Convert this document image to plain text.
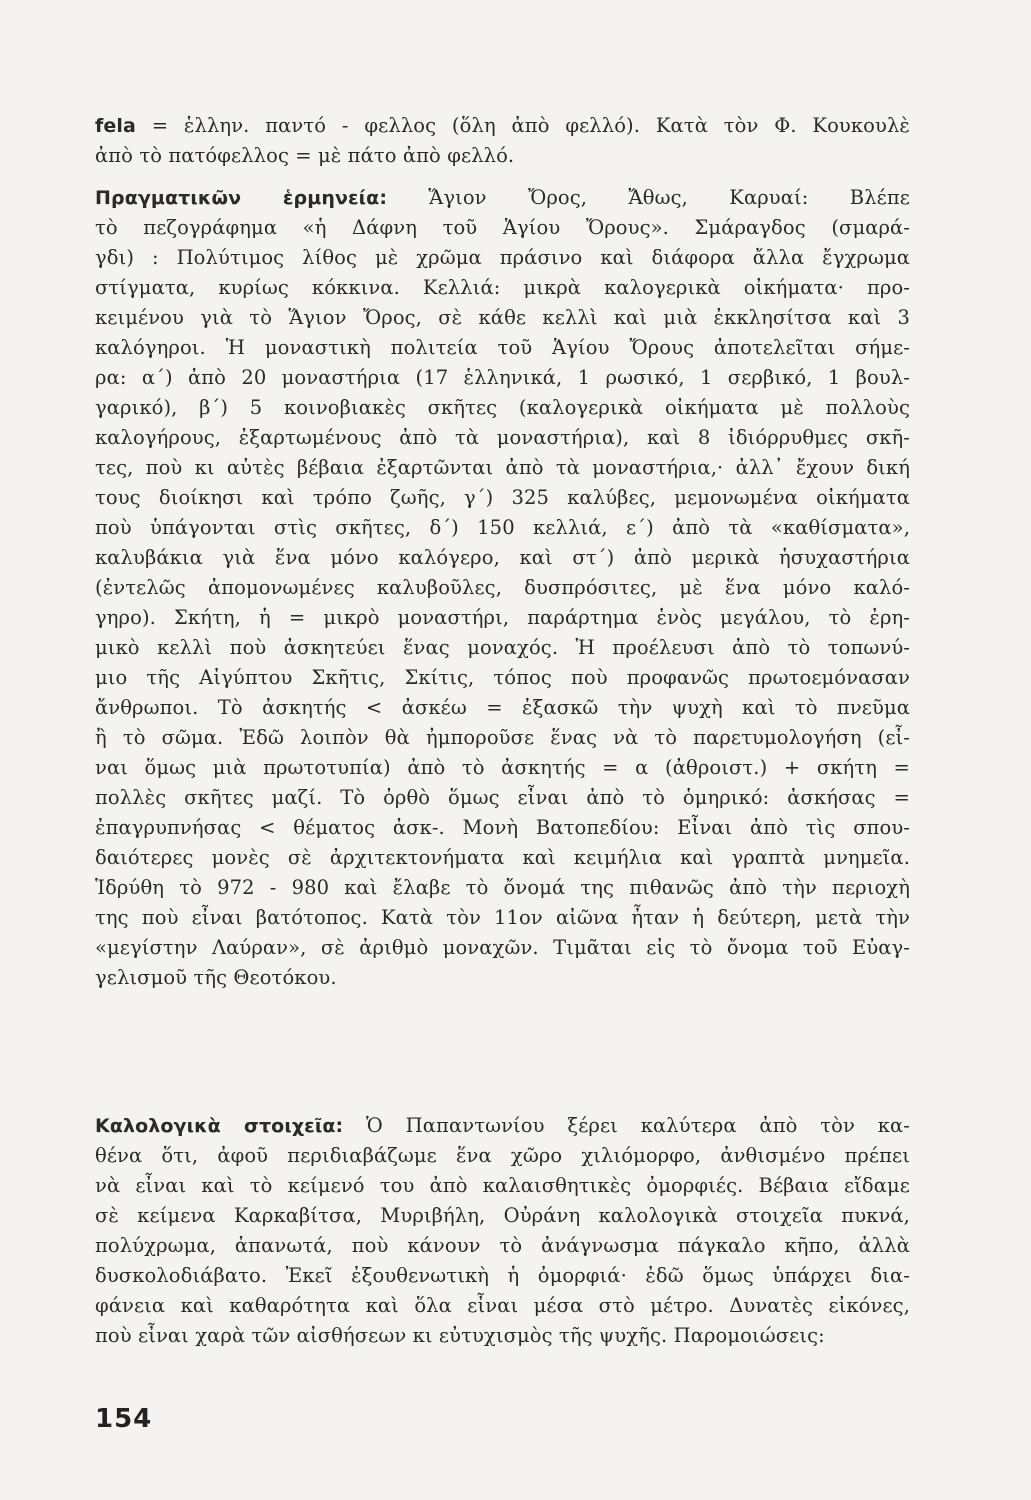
fela = ἑλλην. παντό - φελλος (ὅλη ἀπὸ φελλό). Κατὰ τὸν Φ. Κουκουλὲ
ἀπὸ τὸ πατόφελλος = μὲ πάτο ἀπὸ φελλό.
Πραγματικῶν ἑρμηνεία: Ἅγιον Ὄρος, Ἄθως, Καρυαί: Βλέπε
τὸ πεζογράφημα «ἡ Δάφνη τοῦ Ἁγίου Ὄρους». Σμάραγδος (σμαρά-
γδι) : Πολύτιμος λίθος μὲ χρῶμα πράσινο καὶ διάφορα ἄλλα ἔγχρωμα
στίγματα, κυρίως κόκκινα. Κελλιά: μικρὰ καλογερικὰ οἰκήματα· προ-
κειμένου γιὰ τὸ Ἅγιον Ὄρος, σὲ κάθε κελλὶ καὶ μιὰ ἐκκλησίτσα καὶ 3
καλόγηροι. Ἡ μοναστικὴ πολιτεία τοῦ Ἁγίου Ὄρους ἀποτελεῖται σήμε-
ρα: α΄) ἀπὸ 20 μοναστήρια (17 ἑλληνικά, 1 ρωσικό, 1 σερβικό, 1 βουλ-
γαρικό), β΄) 5 κοινοβιακὲς σκῆτες (καλογερικὰ οἰκήματα μὲ πολλοὺς
καλογήρους, ἐξαρτωμένους ἀπὸ τὰ μοναστήρια), καὶ 8 ἰδιόρρυθμες σκῆ-
τες, ποὺ κι αὐτὲς βέβαια ἐξαρτῶνται ἀπὸ τὰ μοναστήρια,· ἀλλ᾽ ἔχουν δική
τους διοίκησι καὶ τρόπο ζωῆς, γ΄) 325 καλύβες, μεμονωμένα οἰκήματα
ποὺ ὑπάγονται στὶς σκῆτες, δ΄) 150 κελλιά, ε΄) ἀπὸ τὰ «καθίσματα»,
καλυβάκια γιὰ ἕνα μόνο καλόγερο, καὶ στ΄) ἀπὸ μερικὰ ἡσυχαστήρια
(ἐντελῶς ἀπομονωμένες καλυβοῦλες, δυσπρόσιτες, μὲ ἕνα μόνο καλό-
γηρο). Σκήτη, ἡ = μικρὸ μοναστήρι, παράρτημα ἑνὸς μεγάλου, τὸ ἐρη-
μικὸ κελλὶ ποὺ ἀσκητεύει ἕνας μοναχός. Ἡ προέλευσι ἀπὸ τὸ τοπωνύ-
μιο τῆς Αἰγύπτου Σκῆτις, Σκίτις, τόπος ποὺ προφανῶς πρωτοεμόνασαν
ἄνθρωποι. Τὸ ἀσκητής < ἀσκέω = ἐξασκῶ τὴν ψυχὴ καὶ τὸ πνεῦμα
ἢ τὸ σῶμα. Ἐδῶ λοιπὸν θὰ ἠμποροῦσε ἕνας νὰ τὸ παρετυμολογήση (εἶ-
ναι ὅμως μιὰ πρωτοτυπία) ἀπὸ τὸ ἀσκητής = α (ἀθροιστ.) + σκήτη =
πολλὲς σκῆτες μαζί. Τὸ ὀρθὸ ὅμως εἶναι ἀπὸ τὸ ὁμηρικό: ἀσκήσας =
ἐπαγρυπνήσας < θέματος ἀσκ-. Μονὴ Βατοπεδίου: Εἶναι ἀπὸ τὶς σπου-
δαιότερες μονὲς σὲ ἀρχιτεκτονήματα καὶ κειμήλια καὶ γραπτὰ μνημεῖα.
Ἱδρύθη τὸ 972 - 980 καὶ ἔλαβε τὸ ὄνομά της πιθανῶς ἀπὸ τὴν περιοχὴ
της ποὺ εἶναι βατότοπος. Κατὰ τὸν 11ον αἰῶνα ἦταν ἡ δεύτερη, μετὰ τὴν
«μεγίστην Λαύραν», σὲ ἀριθμὸ μοναχῶν. Τιμᾶται εἰς τὸ ὄνομα τοῦ Εὐαγ-
γελισμοῦ τῆς Θεοτόκου.
Καλολογικὰ στοιχεῖα: Ὁ Παπαντωνίου ξέρει καλύτερα ἀπὸ τὸν κα-
θένα ὅτι, ἀφοῦ περιδιαβάζωμε ἕνα χῶρο χιλιόμορφο, ἀνθισμένο πρέπει
νὰ εἶναι καὶ τὸ κείμενό του ἀπὸ καλαισθητικὲς ὀμορφιές. Βέβαια εἴδαμε
σὲ κείμενα Καρκαβίτσα, Μυριβήλη, Οὐράνη καλολογικὰ στοιχεῖα πυκνά,
πολύχρωμα, ἀπανωτά, ποὺ κάνουν τὸ ἀνάγνωσμα πάγκαλο κῆπο, ἀλλὰ
δυσκολοδιάβατο. Ἐκεῖ ἐξουθενωτικὴ ἡ ὀμορφιά· ἐδῶ ὅμως ὑπάρχει δια-
φάνεια καὶ καθαρότητα καὶ ὅλα εἶναι μέσα στὸ μέτρο. Δυνατὲς εἰκόνες,
ποὺ εἶναι χαρὰ τῶν αἰσθήσεων κι εὐτυχισμὸς τῆς ψυχῆς. Παρομοιώσεις:
154
